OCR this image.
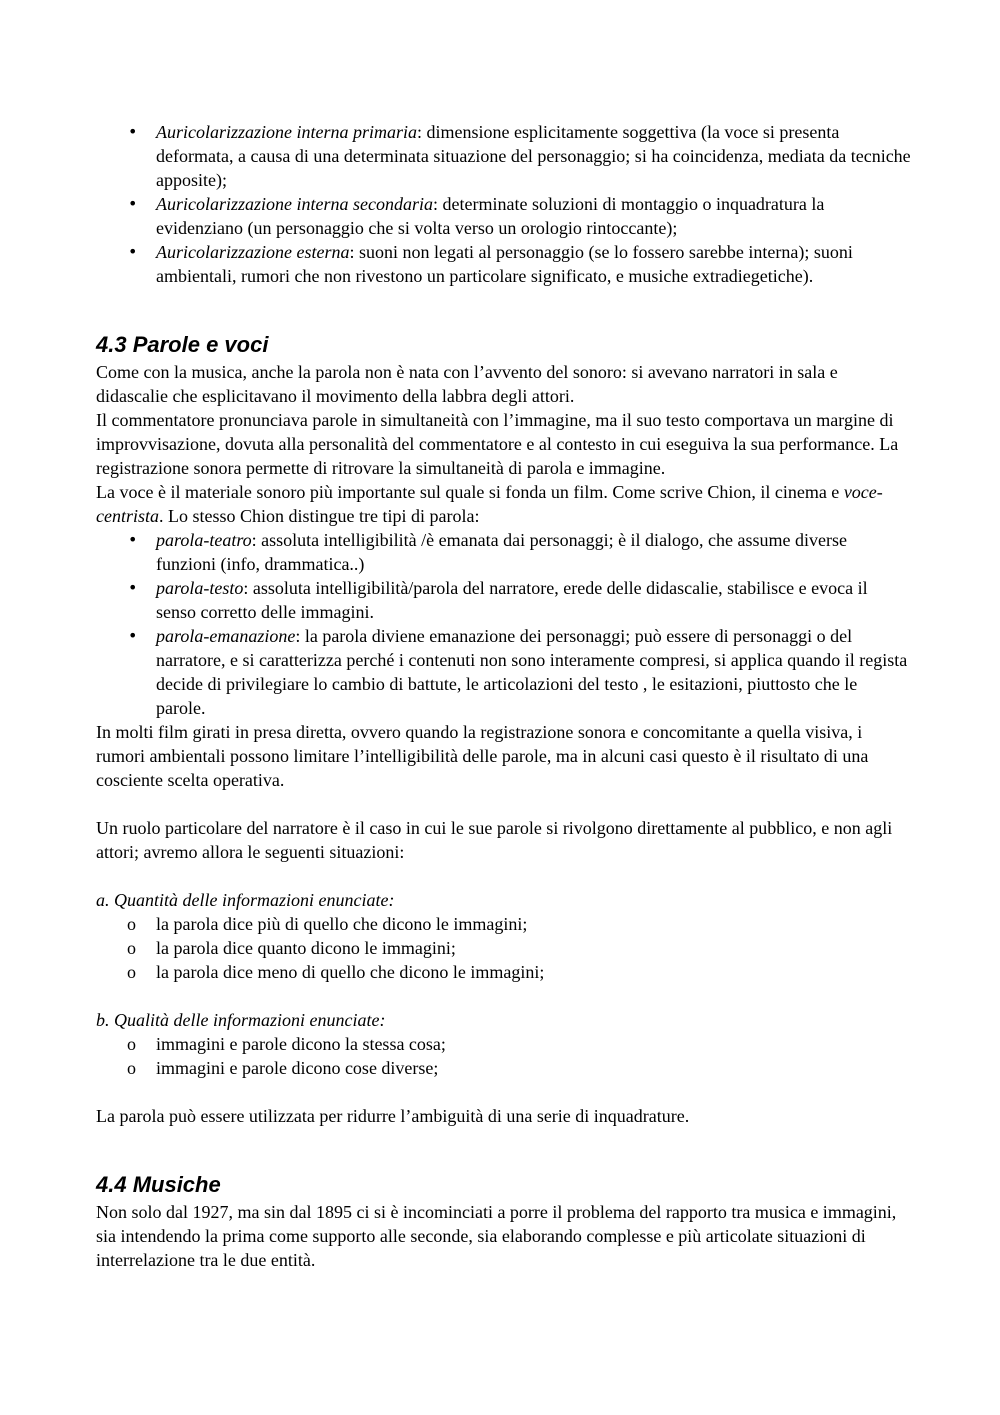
• Auricolarizzazione interna primaria: dimensione esplicitamente soggettiva (la voce si presenta deformata, a causa di una determinata situazione del personaggio; si ha coincidenza, mediata da tecniche apposite);
• Auricolarizzazione interna secondaria: determinate soluzioni di montaggio o inquadratura la evidenziano (un personaggio che si volta verso un orologio rintoccante);
• Auricolarizzazione esterna: suoni non legati al personaggio (se lo fossero sarebbe interna); suoni ambientali, rumori che non rivestono un particolare significato, e musiche extradiegetiche).
4.3 Parole e voci

Come con la musica, anche la parola non è nata con l’avvento del sonoro: si avevano narratori in sala e didascalie che esplicitavano il movimento della labbra degli attori.

Il commentatore pronunciava parole in simultaneità con l’immagine, ma il suo testo comportava un margine di improvvisazione, dovuta alla personalità del commentatore e al contesto in cui eseguiva la sua performance. La registrazione sonora permette di ritrovare la simultaneità di parola e immagine.

La voce è il materiale sonoro più importante sul quale si fonda un film. Come scrive Chion, il cinema e voce-centrista. Lo stesso Chion distingue tre tipi di parola:

• parola-teatro: assoluta intelligibilità /è emanata dai personaggi; è il dialogo, che assume diverse funzioni (info, drammatica..)
• parola-testo: assoluta intelligibilità/parola del narratore, erede delle didascalie, stabilisce e evoca il senso corretto delle immagini.
• parola-emanazione: la parola diviene emanazione dei personaggi; può essere di personaggi o del narratore, e si caratterizza perché i contenuti non sono interamente compresi, si applica quando il regista decide di privilegiare lo cambio di battute, le articolazioni del testo , le esitazioni, piuttosto che le parole.

In molti film girati in presa diretta, ovvero quando la registrazione sonora e concomitante a quella visiva, i rumori ambientali possono limitare l’intelligibilità delle parole, ma in alcuni casi questo è il risultato di una cosciente scelta operativa.

Un ruolo particolare del narratore è il caso in cui le sue parole si rivolgono direttamente al pubblico, e non agli attori; avremo allora le seguenti situazioni:

a. Quantità delle informazioni enunciate:

o la parola dice più di quello che dicono le immagini;
o la parola dice quanto dicono le immagini;
o la parola dice meno di quello che dicono le immagini;

b. Qualità delle informazioni enunciate:

o immagini e parole dicono la stessa cosa;
o immagini e parole dicono cose diverse;

La parola può essere utilizzata per ridurre l’ambiguità di una serie di inquadrature.

4.4 Musiche

Non solo dal 1927, ma sin dal 1895 ci si è incominciati a porre il problema del rapporto tra musica e immagini, sia intendendo la prima come supporto alle seconde, sia elaborando complesse e più articolate situazioni di interrelazione tra le due entità.
